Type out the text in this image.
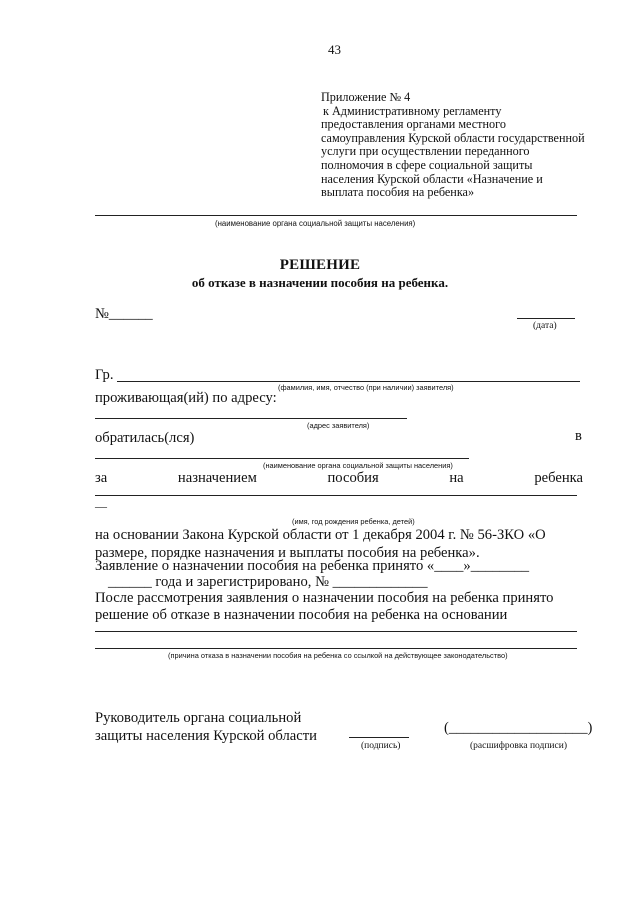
43
Приложение № 4
к Административному регламенту
предоставления органами местного
самоуправления Курской области государственной
услуги при осуществлении переданного
полномочия в сфере социальной защиты
населения Курской области «Назначение и
выплата пособия на ребенка»
(наименование органа социальной защиты населения)
РЕШЕНИЕ
об отказе в назначении пособия на ребенка.
№______
(дата)
Гр.
(фамилия, имя, отчество (при наличии) заявителя)
проживающая(ий) по адресу:
(адрес заявителя)
обратилась(лся)	в
(наименование органа социальной защиты населения)
за	назначением	пособия	на	ребенка
—
(имя, год рождения ребенка, детей)
на основании Закона Курской области от 1 декабря 2004 г. № 56-ЗКО «О
размере, порядке назначения и выплаты пособия на ребенка».
Заявление о назначении пособия на ребенка принято «____»________
______ года и зарегистрировано, № _____________
После рассмотрения заявления о назначении пособия на ребенка принято
решение об отказе в назначении пособия на ребенка на основании
(причина отказа в назначении пособия на ребенка со ссылкой на действующее законодательство)
Руководитель органа социальной
защиты населения Курской области
(подпись)
(___________________)
(расшифровка подписи)
